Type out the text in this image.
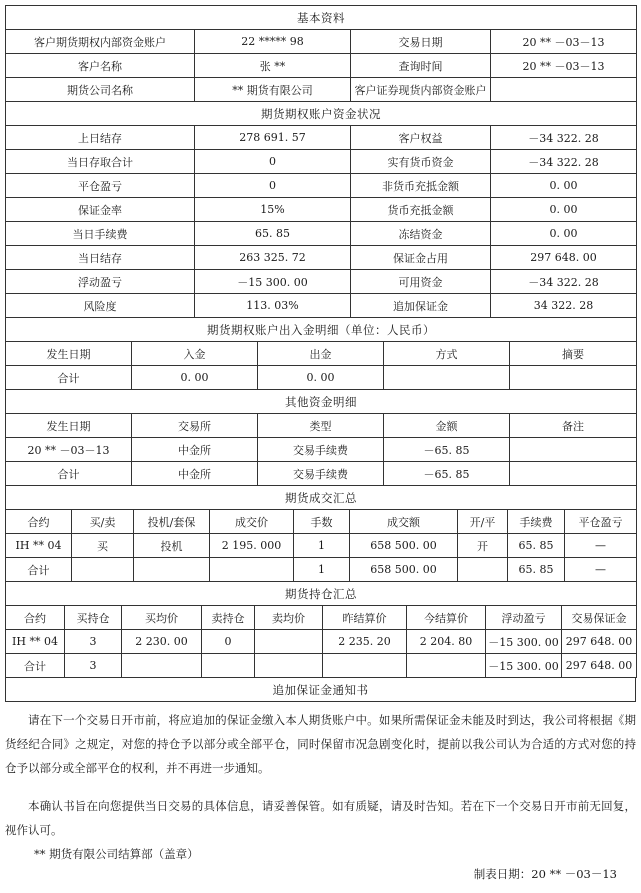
基本资料			
客户期货期权内部资金账户	22 ***** 98	交易日期	20 ** －03－13
客户名称	张 **	查询时间	20 ** －03－13
期货公司名称	** 期货有限公司	客户证券现货内部资金账户	
期货期权账户资金状况			
上日结存	278 691. 57	客户权益	－34 322. 28
当日存取合计	0	实有货币资金	－34 322. 28
平仓盈亏	0	非货币充抵金额	0. 00
保证金率	15%	货币充抵金额	0. 00
当日手续费	65. 85	冻结资金	0. 00
当日结存	263 325. 72	保证金占用	297 648. 00
浮动盈亏	－15 300. 00	可用资金	－34 322. 28
风险度	113. 03%	追加保证金	34 322. 28
期货期权账户出入金明细（单位：人民币）				
发生日期	入金	出金	方式	摘要
合计	0. 00	0. 00		
其他资金明细				
发生日期	交易所	类型	金额	备注
20 ** －03－13	中金所	交易手续费	－65. 85	
合计	中金所	交易手续费	－65. 85	
期货成交汇总								
合约	买/卖	投机/套保	成交价	手数	成交额	开/平	手续费	平仓盈亏
IH ** 04	买	投机	2 195. 000	1	658 500. 00	开	65. 85	—
合计				1	658 500. 00		65. 85	—
期货持仓汇总								
合约	买持仓	买均价	卖持仓	卖均价	昨结算价	今结算价	浮动盈亏	交易保证金
IH ** 04	3	2 230. 00	0		2 235. 20	2 204. 80	－15 300. 00	297 648. 00
合计	3						－15 300. 00	297 648. 00
追加保证金通知书

请在下一个交易日开市前，将应追加的保证金缴入本人期货账户中。如果所需保证金未能及时到达，我公司将根据《期货经纪合同》之规定，对您的持仓予以部分或全部平仓，同时保留市况急剧变化时，提前以我公司认为合适的方式对您的持仓予以部分或全部平仓的权利，并不再进一步通知。

本确认书旨在向您提供当日交易的具体信息，请妥善保管。如有质疑，请及时告知。若在下一个交易日开市前无回复，视作认可。

** 期货有限公司结算部（盖章）
制表日期：20 ** －03－13
